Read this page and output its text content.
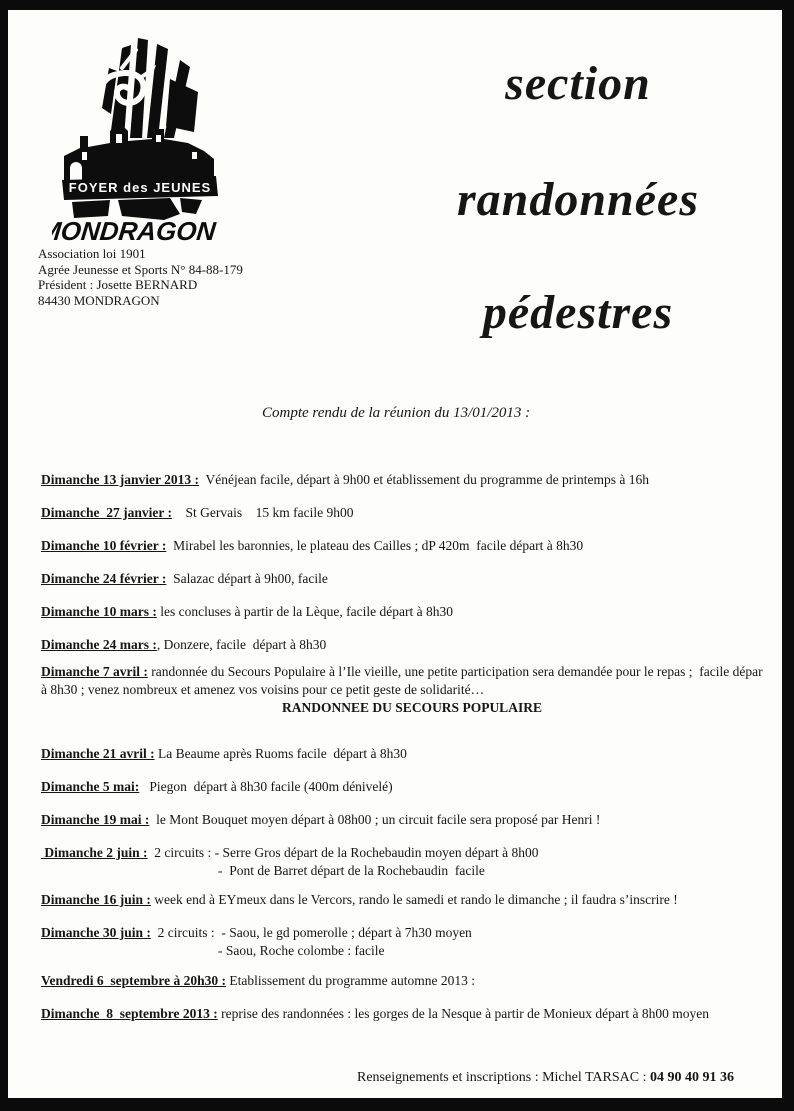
FOYER des JEUNES
MONDRAGON
Association loi 1901
Agrée Jeunesse et Sports N° 84-88-179
Président : Josette BERNARD
84430 MONDRAGON
section
randonnées
pédestres
Compte rendu de la réunion du 13/01/2013 :
Dimanche 13 janvier 2013 :  Vénéjean facile, départ à 9h00 et établissement du programme de printemps à 16h
Dimanche  27 janvier :    St Gervais    15 km facile 9h00
Dimanche 10 février :  Mirabel les baronnies, le plateau des Cailles ; dP 420m  facile départ à 8h30
Dimanche 24 février :  Salazac départ à 9h00, facile
Dimanche 10 mars : les concluses à partir de la Lèque, facile départ à 8h30
Dimanche 24 mars :, Donzere, facile  départ à 8h30
Dimanche 7 avril : randonnée du Secours Populaire à l’Ile vieille, une petite participation sera demandée pour le repas ;  facile dépar
à 8h30 ; venez nombreux et amenez vos voisins pour ce petit geste de solidarité…
RANDONNEE DU SECOURS POPULAIRE
Dimanche 21 avril : La Beaume après Ruoms facile  départ à 8h30
Dimanche 5 mai:   Piegon  départ à 8h30 facile (400m dénivelé)
Dimanche 19 mai :  le Mont Bouquet moyen départ à 08h00 ; un circuit facile sera proposé par Henri !
Dimanche 2 juin :  2 circuits : - Serre Gros départ de la Rochebaudin moyen départ à 8h00
-  Pont de Barret départ de la Rochebaudin  facile
Dimanche 16 juin : week end à EYmeux dans le Vercors, rando le samedi et rando le dimanche ; il faudra s’inscrire !
Dimanche 30 juin :  2 circuits :  - Saou, le gd pomerolle ; départ à 7h30 moyen
- Saou, Roche colombe : facile
Vendredi 6  septembre à 20h30 : Etablissement du programme automne 2013 :
Dimanche  8  septembre 2013 : reprise des randonnées : les gorges de la Nesque à partir de Monieux départ à 8h00 moyen
Renseignements et inscriptions : Michel TARSAC : 04 90 40 91 36
